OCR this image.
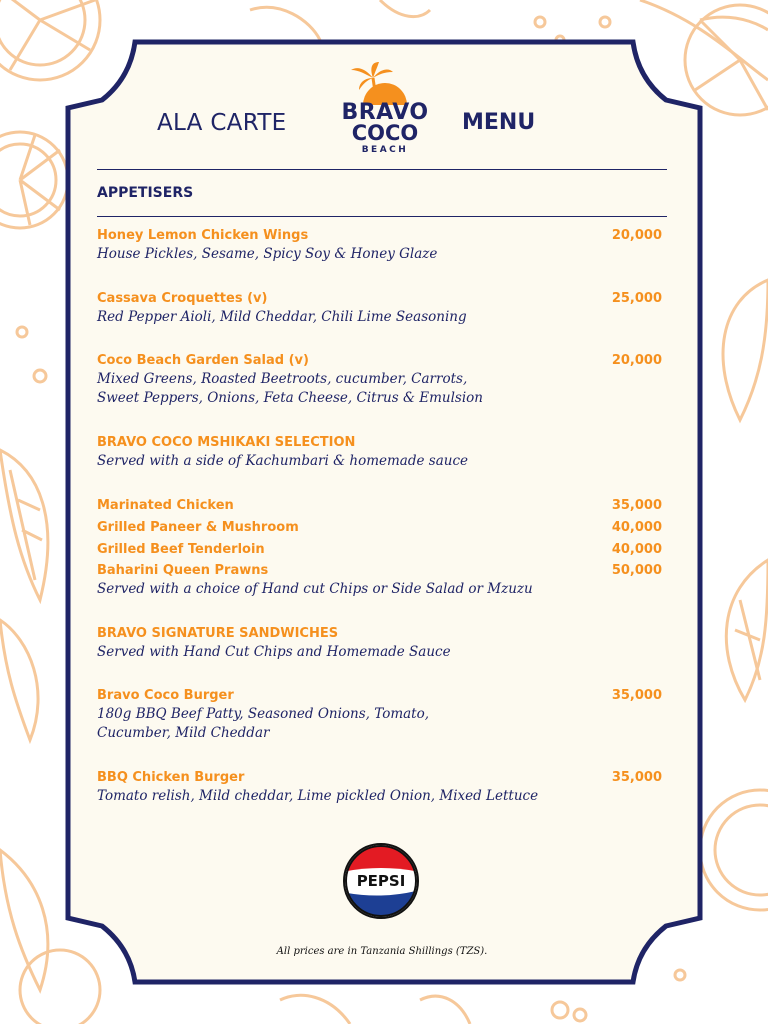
ALA CARTE	BRAVO
COCO
BEACH
MENU
APPETISERS
Honey Lemon Chicken Wings	20,000
House Pickles, Sesame, Spicy Soy & Honey Glaze
Cassava Croquettes (v)	25,000
Red Pepper Aioli, Mild Cheddar, Chili Lime Seasoning
Coco Beach Garden Salad (v)	20,000
Mixed Greens, Roasted Beetroots, cucumber, Carrots,
Sweet Peppers, Onions, Feta Cheese, Citrus & Emulsion
BRAVO COCO MSHIKAKI SELECTION
Served with a side of Kachumbari & homemade sauce
Marinated Chicken	35,000
Grilled Paneer & Mushroom	40,000
Grilled Beef Tenderloin	40,000
Baharini Queen Prawns	50,000
Served with a choice of Hand cut Chips or Side Salad or Mzuzu
BRAVO SIGNATURE SANDWICHES
Served with Hand Cut Chips and Homemade Sauce
Bravo Coco Burger	35,000
180g BBQ Beef Patty, Seasoned Onions, Tomato,
Cucumber, Mild Cheddar
BBQ Chicken Burger	35,000
Tomato relish, Mild cheddar, Lime pickled Onion, Mixed Lettuce
PEPSI
All prices are in Tanzania Shillings (TZS).
